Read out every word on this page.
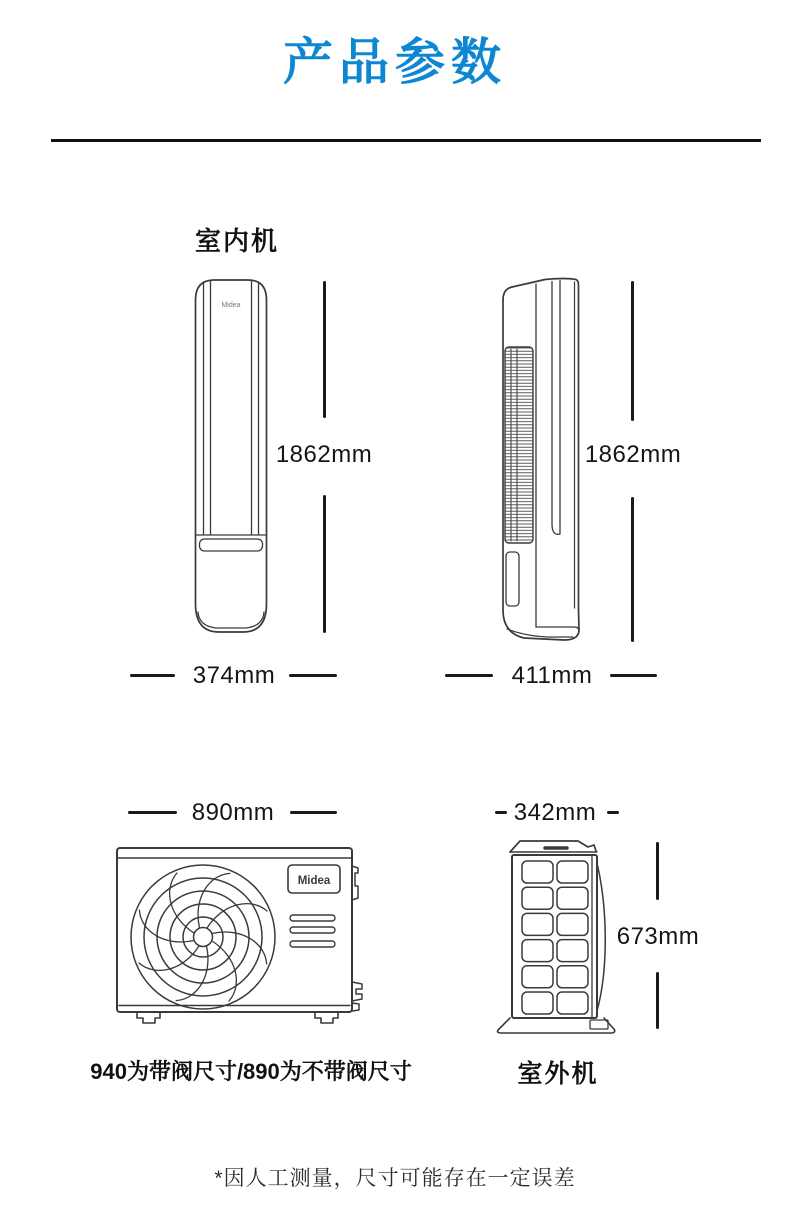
产品参数
室内机
Midea
1862mm	1862mm
374mm	411mm
890mm
Midea
342mm
673mm
940为带阀尺寸/890为不带阀尺寸	室外机
*因人工测量，尺寸可能存在一定误差
